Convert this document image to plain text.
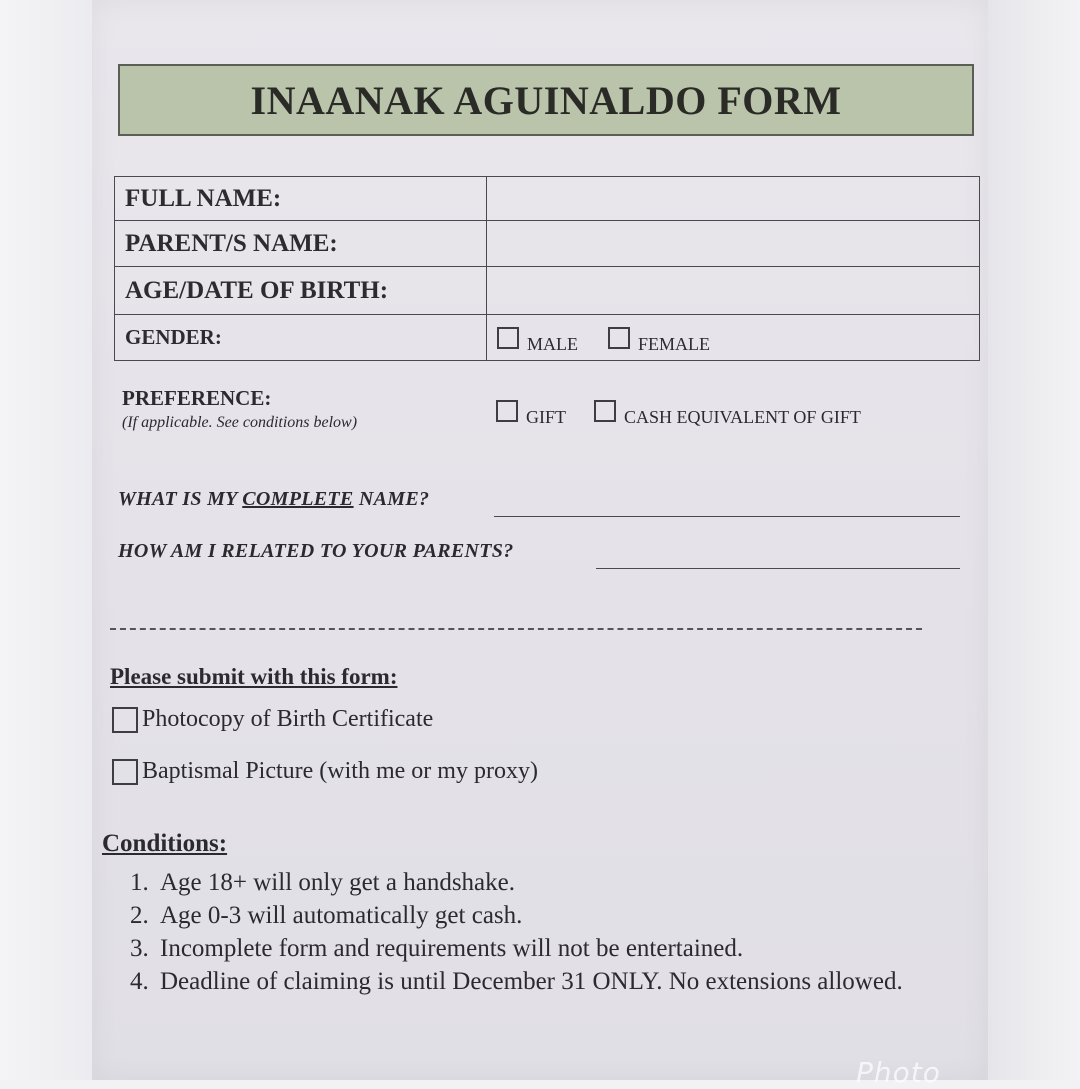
INAANAK AGUINALDO FORM
FULL NAME:	
PARENT/S NAME:	
AGE/DATE OF BIRTH:	
GENDER:	MALE FEMALE
PREFERENCE:
(If applicable. See conditions below)	GIFT	CASH EQUIVALENT OF GIFT
WHAT IS MY COMPLETE NAME?
HOW AM I RELATED TO YOUR PARENTS?
Please submit with this form:
Photocopy of Birth Certificate
Baptismal Picture (with me or my proxy)
Conditions:
1. Age 18+ will only get a handshake.
2. Age 0-3 will automatically get cash.
3. Incomplete form and requirements will not be entertained.
4. Deadline of claiming is until December 31 ONLY. No extensions allowed.
Photo
